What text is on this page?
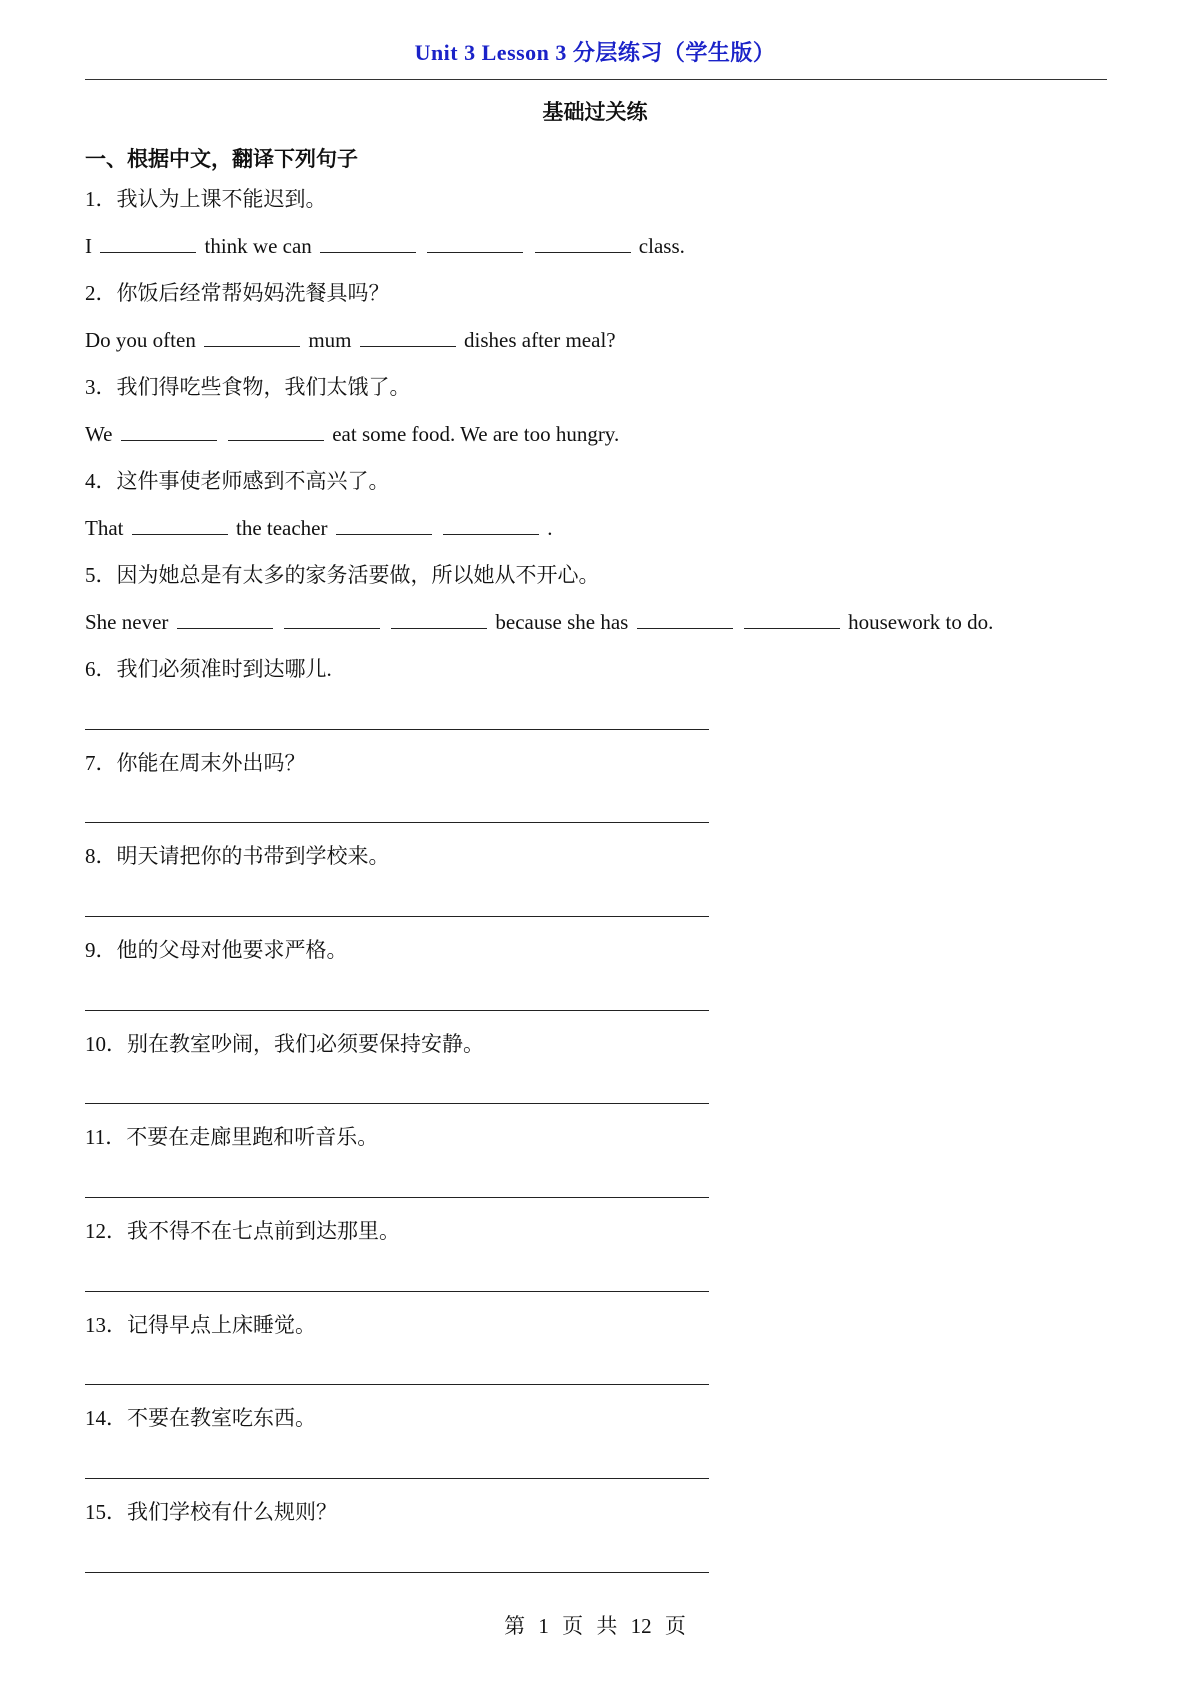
Unit 3 Lesson 3 分层练习（学生版）
基础过关练
一、根据中文，翻译下列句子
1．我认为上课不能迟到。
I	think we can	class.
2．你饭后经常帮妈妈洗餐具吗？
Do you often	mum	dishes after meal?
3．我们得吃些食物，我们太饿了。
We	eat some food. We are too hungry.
4．这件事使老师感到不高兴了。
That	the teacher	.
5．因为她总是有太多的家务活要做，所以她从不开心。
She never	because she has	housework to do.
6．我们必须准时到达哪儿.
7．你能在周末外出吗？
8．明天请把你的书带到学校来。
9．他的父母对他要求严格。
10．别在教室吵闹，我们必须要保持安静。
11．不要在走廊里跑和听音乐。
12．我不得不在七点前到达那里。
13．记得早点上床睡觉。
14．不要在教室吃东西。
15．我们学校有什么规则？
第 1 页 共 12 页
